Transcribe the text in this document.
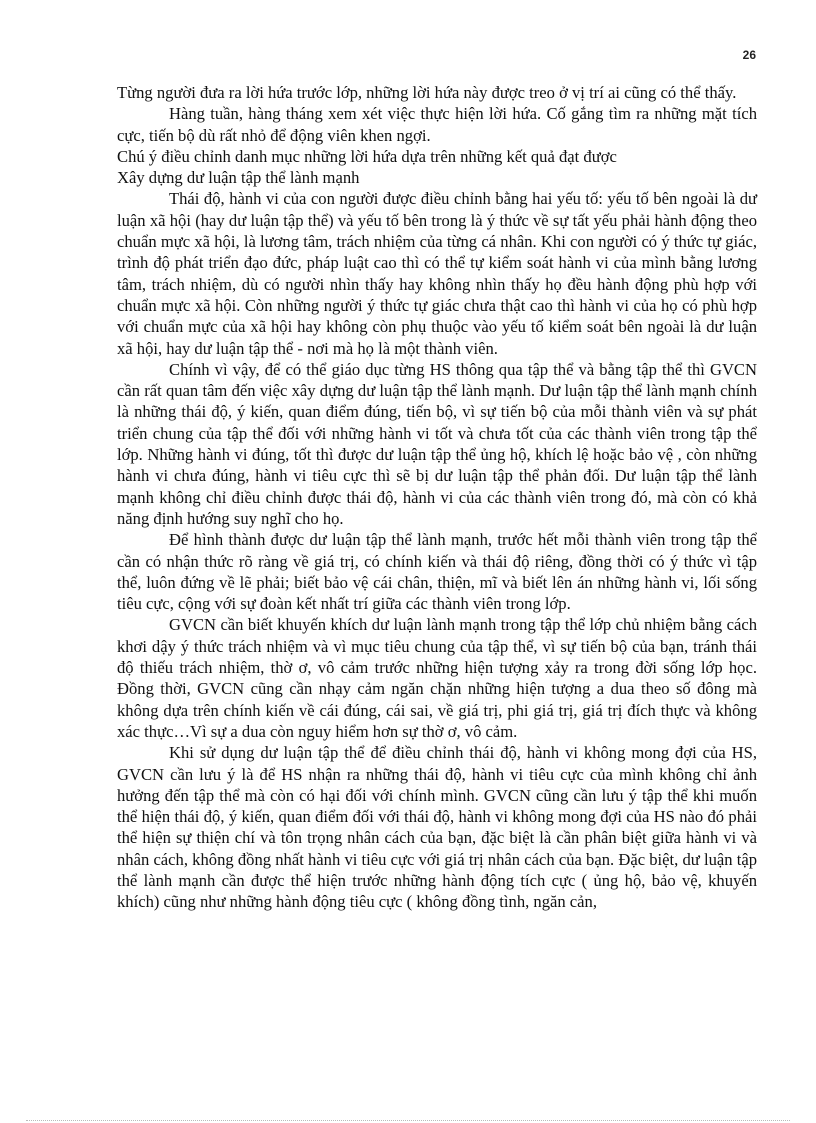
26

Từng người đưa ra lời hứa trước lớp, những lời hứa này được treo ở vị trí ai cũng có thể thấy.

Hàng tuần, hàng tháng xem xét việc thực hiện lời hứa. Cố gắng tìm ra những mặt tích cực, tiến bộ dù rất nhỏ để động viên khen ngợi.

Chú ý điều chỉnh danh mục những lời hứa dựa trên những kết quả đạt được

Xây dựng dư luận tập thể lành mạnh

Thái độ, hành vi của con người được điều chỉnh bằng hai yếu tố: yếu tố bên ngoài là dư luận xã hội (hay dư luận tập thể) và yếu tố bên trong là ý thức về sự tất yếu phải hành động theo chuẩn mực xã hội, là lương tâm, trách nhiệm của từng cá nhân. Khi con người có ý thức tự giác, trình độ phát triển đạo đức, pháp luật cao thì có thể tự kiểm soát hành vi của mình bằng lương tâm, trách nhiệm, dù có người nhìn thấy hay không nhìn thấy họ đều hành động phù hợp với chuẩn mực xã hội. Còn những người ý thức tự giác chưa thật cao thì hành vi của họ có phù hợp với chuẩn mực của xã hội hay không còn phụ thuộc vào yếu tố kiểm soát bên ngoài là dư luận xã hội, hay dư luận tập thể - nơi mà họ là một thành viên.

Chính vì vậy, để có thể giáo dục từng HS thông qua tập thể và bằng tập thể thì GVCN cần rất quan tâm đến việc xây dựng dư luận tập thể lành mạnh. Dư luận tập thể lành mạnh chính là những thái độ, ý kiến, quan điểm đúng, tiến bộ, vì sự tiến bộ của mỗi thành viên và sự phát triển chung của tập thể đối với những hành vi tốt và chưa tốt của các thành viên trong tập thể lớp. Những hành vi đúng, tốt thì được dư luận tập thể ủng hộ, khích lệ hoặc bảo vệ , còn những hành vi chưa đúng, hành vi tiêu cực thì sẽ bị dư luận tập thể phản đối. Dư luận tập thể lành mạnh không chỉ điều chỉnh được thái độ, hành vi của các thành viên trong đó, mà còn có khả năng định hướng suy nghĩ cho họ.

Để hình thành được dư luận tập thể lành mạnh, trước hết mỗi thành viên trong tập thể cần có nhận thức rõ ràng về giá trị, có chính kiến và thái độ riêng, đồng thời có ý thức vì tập thể, luôn đứng về lẽ phải; biết bảo vệ cái chân, thiện, mĩ và biết lên án những hành vi, lối sống tiêu cực, cộng với sự đoàn kết nhất trí giữa các thành viên trong lớp.

GVCN cần biết khuyến khích dư luận lành mạnh trong tập thể lớp chủ nhiệm bằng cách khơi dậy ý thức trách nhiệm và vì mục tiêu chung của tập thể, vì sự tiến bộ của bạn, tránh thái độ thiếu trách nhiệm, thờ ơ, vô cảm trước những hiện tượng xảy ra trong đời sống lớp học. Đồng thời, GVCN cũng cần nhạy cảm ngăn chặn những hiện tượng a dua theo số đông mà không dựa trên chính kiến về cái đúng, cái sai, về giá trị, phi giá trị, giá trị đích thực và không xác thực…Vì sự a dua còn nguy hiểm hơn sự thờ ơ, vô cảm.

Khi sử dụng dư luận tập thể để điều chỉnh thái độ, hành vi không mong đợi của HS, GVCN cần lưu ý là để HS nhận ra những thái độ, hành vi tiêu cực của mình không chỉ ảnh hưởng đến tập thể mà còn có hại đối với chính mình. GVCN cũng cần lưu ý tập thể khi muốn thể hiện thái độ, ý kiến, quan điểm đối với thái độ, hành vi không mong đợi của HS nào đó phải thể hiện sự thiện chí và tôn trọng nhân cách của bạn, đặc biệt là cần phân biệt giữa hành vi và nhân cách, không đồng nhất hành vi tiêu cực với giá trị nhân cách của bạn. Đặc biệt, dư luận tập thể lành mạnh cần được thể hiện trước những hành động tích cực ( ủng hộ, bảo vệ, khuyến khích) cũng như những hành động tiêu cực ( không đồng tình, ngăn cản,
